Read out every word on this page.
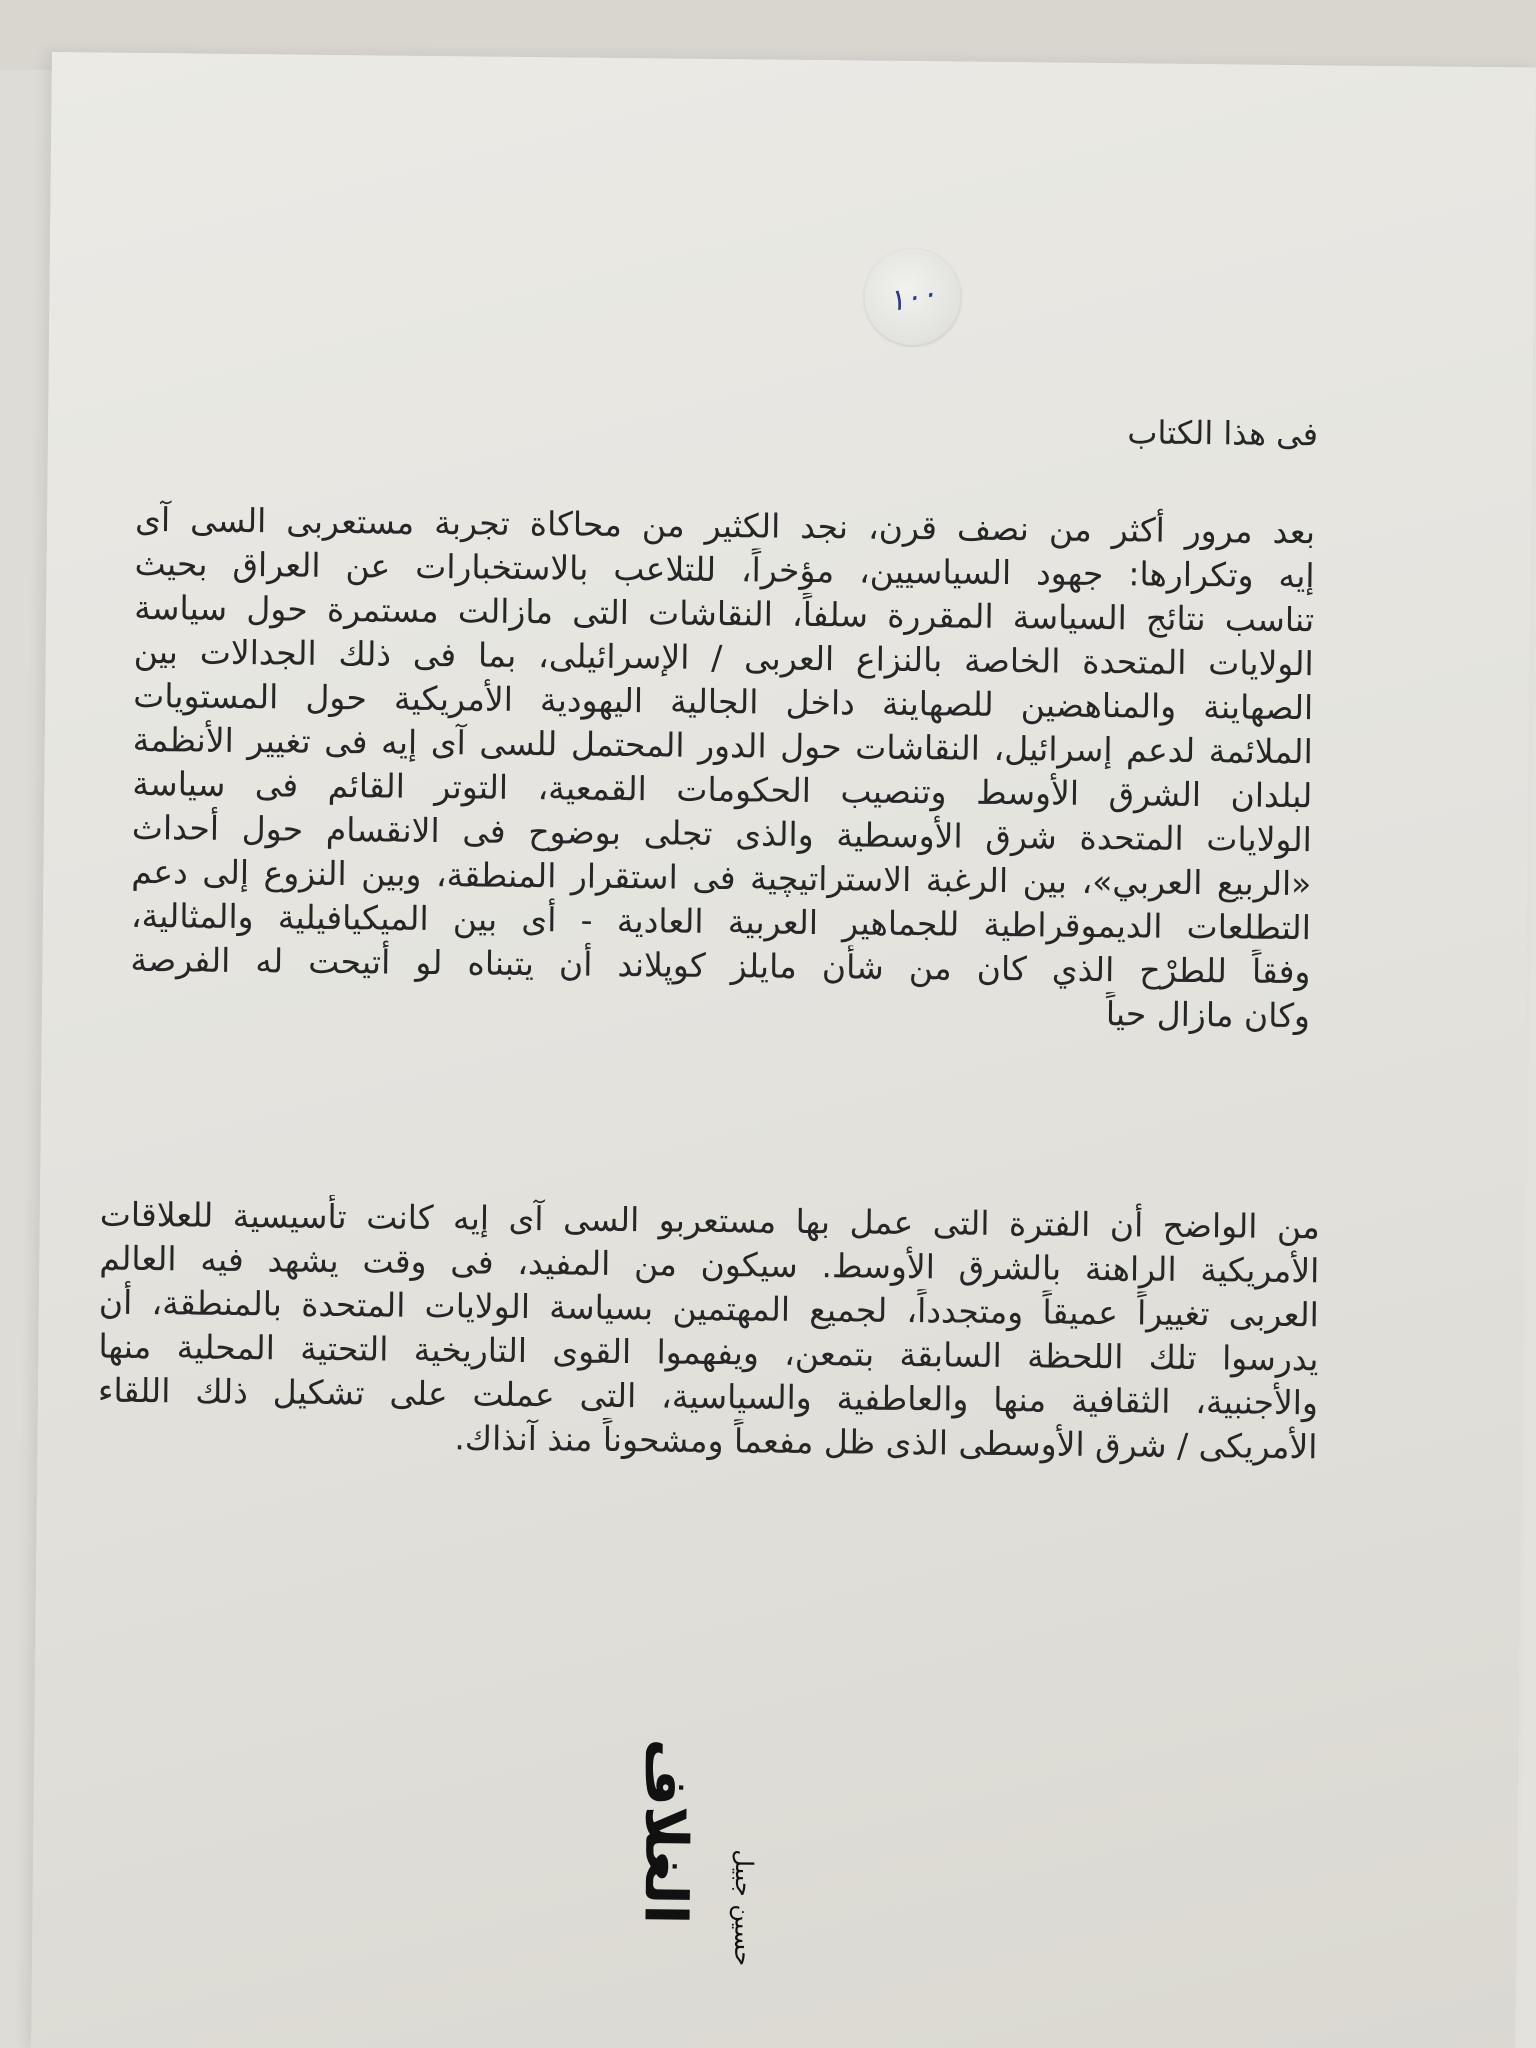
١٠٠
فى هذا الكتاب
بعد مرور أكثر من نصف قرن، نجد الكثير من محاكاة تجربة مستعربى السى آى
إيه وتكرارها: جهود السياسيين، مؤخراً، للتلاعب بالاستخبارات عن العراق بحيث
تناسب نتائج السياسة المقررة سلفاً، النقاشات التى مازالت مستمرة حول سياسة
الولايات المتحدة الخاصة بالنزاع العربى / الإسرائيلى، بما فى ذلك الجدالات بين
الصهاينة والمناهضين للصهاينة داخل الجالية اليهودية الأمريكية حول المستويات
الملائمة لدعم إسرائيل، النقاشات حول الدور المحتمل للسى آى إيه فى تغيير الأنظمة
لبلدان الشرق الأوسط وتنصيب الحكومات القمعية، التوتر القائم فى سياسة
الولايات المتحدة شرق الأوسطية والذى تجلى بوضوح فى الانقسام حول أحداث
«الربيع العربي»، بين الرغبة الاستراتيچية فى استقرار المنطقة، وبين النزوع إلى دعم
التطلعات الديموقراطية للجماهير العربية العادية - أى بين الميكيافيلية والمثالية،
وفقاً للطرْح الذي كان من شأن مايلز كوپلاند أن يتبناه لو أتيحت له الفرصة
وكان مازال حياً
من الواضح أن الفترة التى عمل بها مستعربو السى آى إيه كانت تأسيسية للعلاقات
الأمريكية الراهنة بالشرق الأوسط. سيكون من المفيد، فى وقت يشهد فيه العالم
العربى تغييراً عميقاً ومتجدداً، لجميع المهتمين بسياسة الولايات المتحدة بالمنطقة، أن
يدرسوا تلك اللحظة السابقة بتمعن، ويفهموا القوى التاريخية التحتية المحلية منها
والأجنبية، الثقافية منها والعاطفية والسياسية، التى عملت على تشكيل ذلك اللقاء
الأمريكى / شرق الأوسطى الذى ظل مفعماً ومشحوناً منذ آنذاك.
الغلاف حسين جبيل
